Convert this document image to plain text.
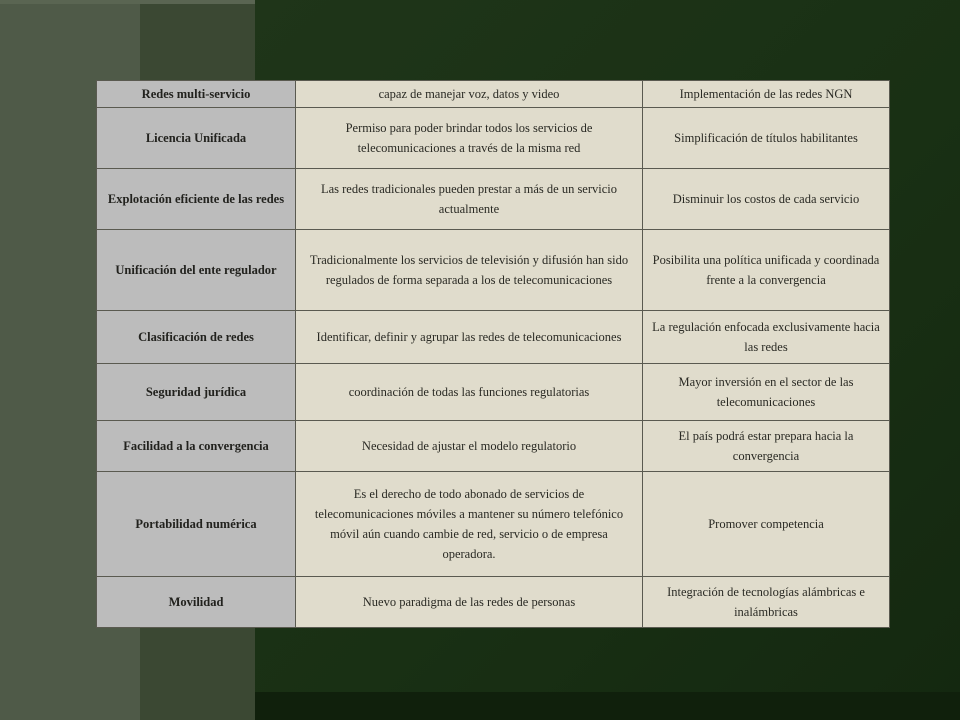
Redes multi-servicio	capaz de manejar voz, datos y video	Implementación de las redes NGN
Licencia Unificada	Permiso para poder brindar todos los servicios de telecomunicaciones a través de la misma red	Simplificación de títulos habilitantes
Explotación eficiente de las redes	Las redes tradicionales pueden prestar a más de un servicio actualmente	Disminuir los costos de cada servicio
Unificación del ente regulador	Tradicionalmente los servicios de televisión y difusión han sido regulados de forma separada a los de telecomunicaciones	Posibilita una política unificada y coordinada frente a la convergencia
Clasificación de redes	Identificar, definir y agrupar las redes de telecomunicaciones	La regulación enfocada exclusivamente hacia las redes
Seguridad jurídica	coordinación de todas las funciones regulatorias	Mayor inversión en el sector de las telecomunicaciones
Facilidad a la convergencia	Necesidad de ajustar el modelo regulatorio	El país podrá estar prepara hacia la convergencia
Portabilidad numérica	Es el derecho de todo abonado de servicios de telecomunicaciones móviles a mantener su número telefónico móvil aún cuando cambie de red, servicio o de empresa operadora.	Promover competencia
Movilidad	Nuevo paradigma de las redes de personas	Integración de tecnologías alámbricas e inalámbricas
